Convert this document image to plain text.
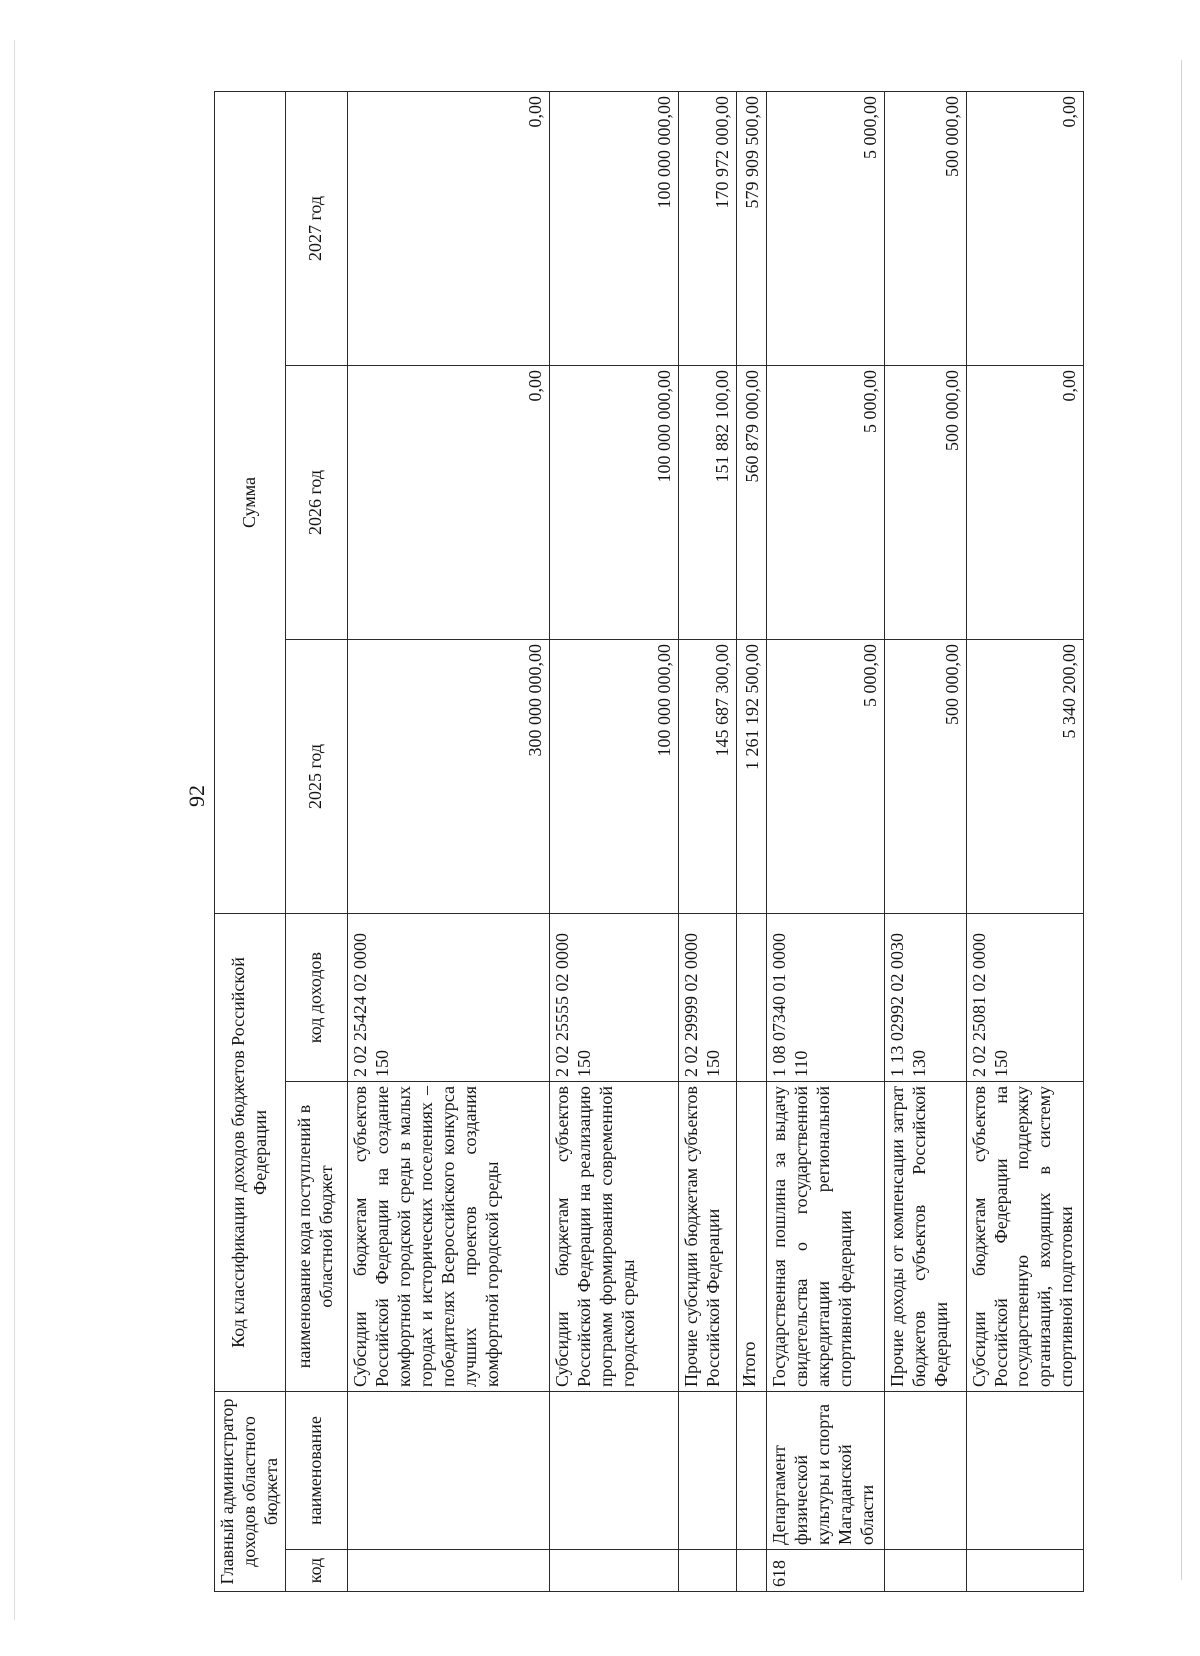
92
Главный администратор доходов областного бюджета		Код классификации доходов бюджетов Российской Федерации		Сумма		
код	наименование	наименование кода поступлений в областной бюджет	код доходов	2025 год	2026 год	2027 год
		Субсидии бюджетам субъектов Российской Федерации на создание комфортной городской среды в малых городах и исторических поселениях – победителях Всероссийского конкурса лучших проектов создания комфортной городской среды	2 02 25424 02 0000 150	300 000 000,00	0,00	0,00
		Субсидии бюджетам субъектов Российской Федерации на реализацию программ формирования современной городской среды	2 02 25555 02 0000 150	100 000 000,00	100 000 000,00	100 000 000,00
		Прочие субсидии бюджетам субъектов Российской Федерации	2 02 29999 02 0000 150	145 687 300,00	151 882 100,00	170 972 000,00
		Итого		1 261 192 500,00	560 879 000,00	579 909 500,00
618	Департамент физической культуры и спорта Магаданской области	Государственная пошлина за выдачу свидетельства о государственной аккредитации региональной спортивной федерации	1 08 07340 01 0000 110	5 000,00	5 000,00	5 000,00
		Прочие доходы от компенсации затрат бюджетов субъектов Российской Федерации	1 13 02992 02 0030 130	500 000,00	500 000,00	500 000,00
		Субсидии бюджетам субъектов Российской Федерации на государственную поддержку организаций, входящих в систему спортивной подготовки	2 02 25081 02 0000 150	5 340 200,00	0,00	0,00
